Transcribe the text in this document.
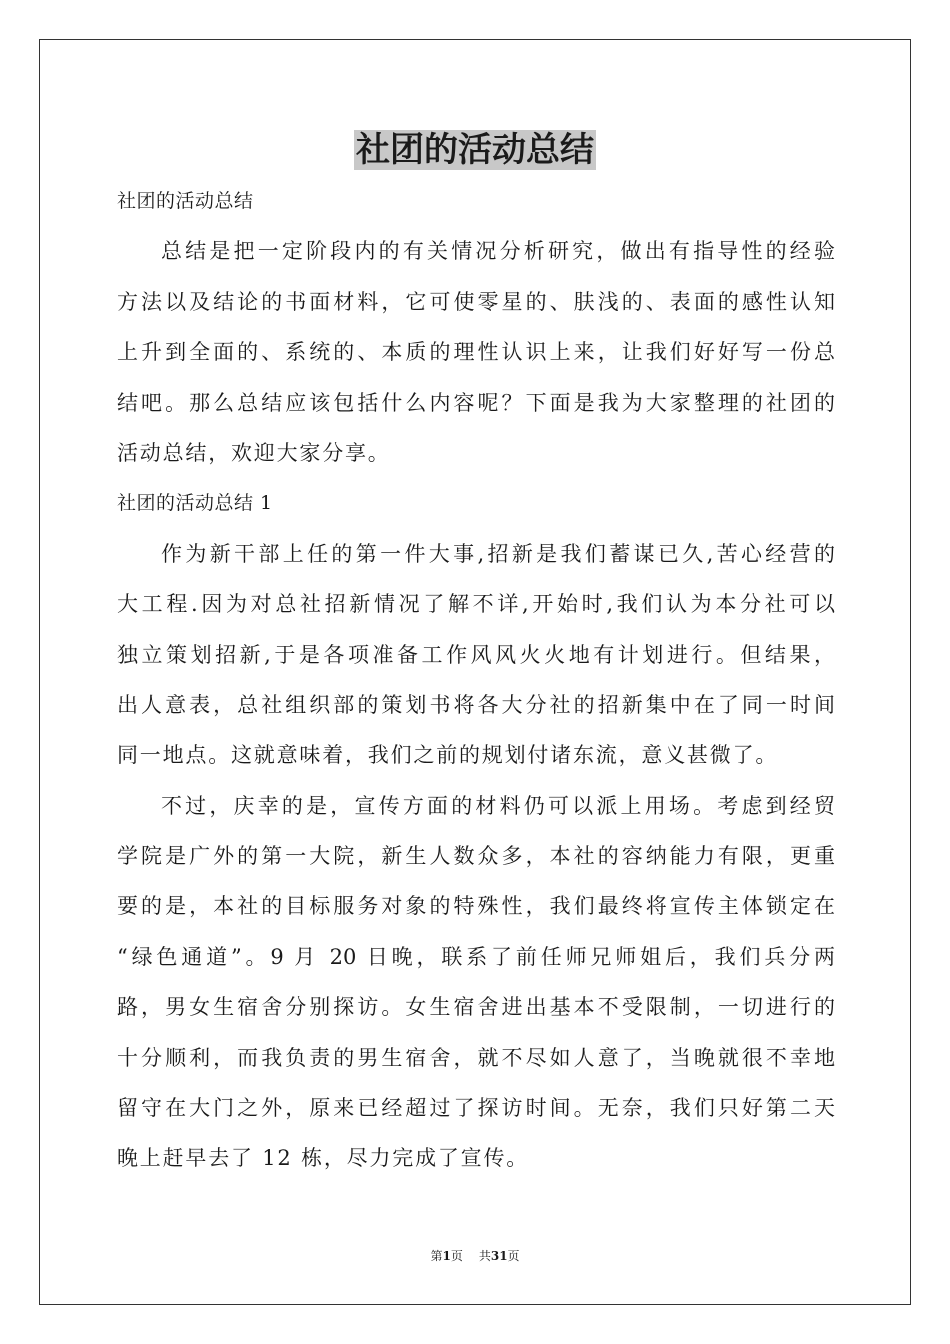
社团的活动总结
社团的活动总结
总结是把一定阶段内的有关情况分析研究，做出有指导性的经验
方法以及结论的书面材料，它可使零星的、肤浅的、表面的感性认知
上升到全面的、系统的、本质的理性认识上来，让我们好好写一份总
结吧。那么总结应该包括什么内容呢？下面是我为大家整理的社团的
活动总结，欢迎大家分享。
社团的活动总结 1
作为新干部上任的第一件大事,招新是我们蓄谋已久,苦心经营的
大工程.因为对总社招新情况了解不详,开始时,我们认为本分社可以
独立策划招新,于是各项准备工作风风火火地有计划进行。但结果，
出人意表，总社组织部的策划书将各大分社的招新集中在了同一时间
同一地点。这就意味着，我们之前的规划付诸东流，意义甚微了。
不过，庆幸的是，宣传方面的材料仍可以派上用场。考虑到经贸
学院是广外的第一大院，新生人数众多，本社的容纳能力有限，更重
要的是，本社的目标服务对象的特殊性，我们最终将宣传主体锁定在
“绿色通道”。9 月 20 日晚，联系了前任师兄师姐后，我们兵分两
路，男女生宿舍分别探访。女生宿舍进出基本不受限制，一切进行的
十分顺利，而我负责的男生宿舍，就不尽如人意了，当晚就很不幸地
留守在大门之外，原来已经超过了探访时间。无奈，我们只好第二天
晚上赶早去了 12 栋，尽力完成了宣传。
第1页 共31页
